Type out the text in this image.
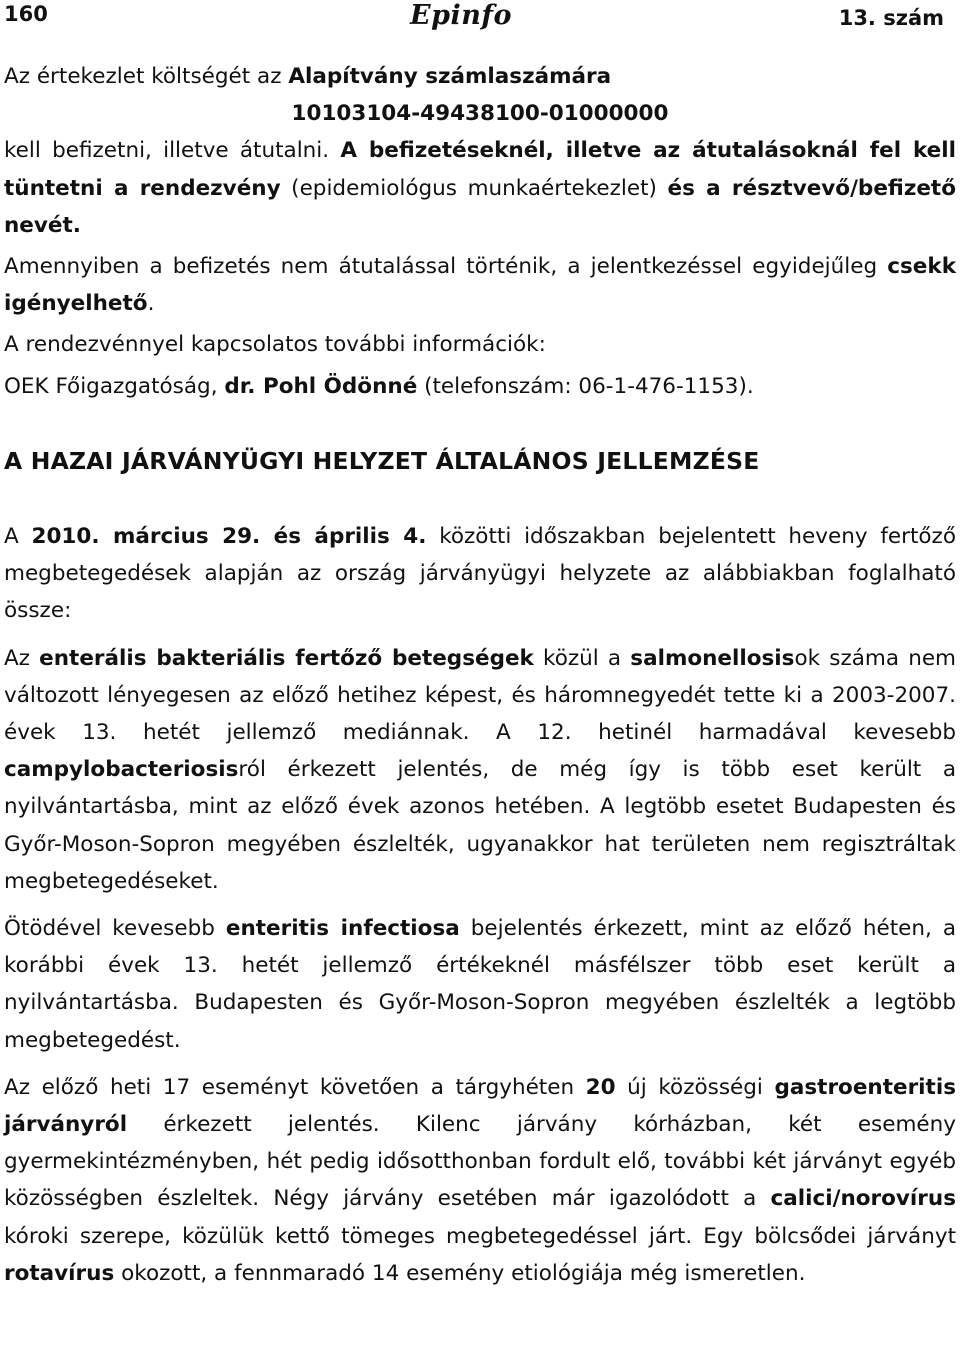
160	Epinfo	13. szám

Az értekezlet költségét az Alapítvány számlaszámára

10103104-49438100-01000000

kell befizetni, illetve átutalni. A befizetéseknél, illetve az átutalásoknál fel kell tüntetni a rendezvény (epidemiológus munkaértekezlet) és a résztvevő/befizető nevét.

Amennyiben a befizetés nem átutalással történik, a jelentkezéssel egyidejűleg csekk igényelhető.

A rendezvénnyel kapcsolatos további információk:

OEK Főigazgatóság, dr. Pohl Ödönné (telefonszám: 06-1-476-1153).

A HAZAI JÁRVÁNYÜGYI HELYZET ÁLTALÁNOS JELLEMZÉSE

A 2010. március 29. és április 4. közötti időszakban bejelentett heveny fertőző megbetegedések alapján az ország járványügyi helyzete az alábbiakban foglalható össze:

Az enterális bakteriális fertőző betegségek közül a salmonellosisok száma nem változott lényegesen az előző hetihez képest, és háromnegyedét tette ki a 2003-2007. évek 13. hetét jellemző mediánnak. A 12. hetinél harmadával kevesebb campylobacteriosisról érkezett jelentés, de még így is több eset került a nyilvántartásba, mint az előző évek azonos hetében. A legtöbb esetet Budapesten és Győr-Moson-Sopron megyében észlelték, ugyanakkor hat területen nem regisztráltak megbetegedéseket.

Ötödével kevesebb enteritis infectiosa bejelentés érkezett, mint az előző héten, a korábbi évek 13. hetét jellemző értékeknél másfélszer több eset került a nyilvántartásba. Budapesten és Győr-Moson-Sopron megyében észlelték a legtöbb megbetegedést.

Az előző heti 17 eseményt követően a tárgyhéten 20 új közösségi gastroenteritis járványról érkezett jelentés. Kilenc járvány kórházban, két esemény gyermekintézményben, hét pedig idősotthonban fordult elő, további két járványt egyéb közösségben észleltek. Négy járvány esetében már igazolódott a calici/norovírus kóroki szerepe, közülük kettő tömeges megbetegedéssel járt. Egy bölcsődei járványt rotavírus okozott, a fennmaradó 14 esemény etiológiája még ismeretlen.
